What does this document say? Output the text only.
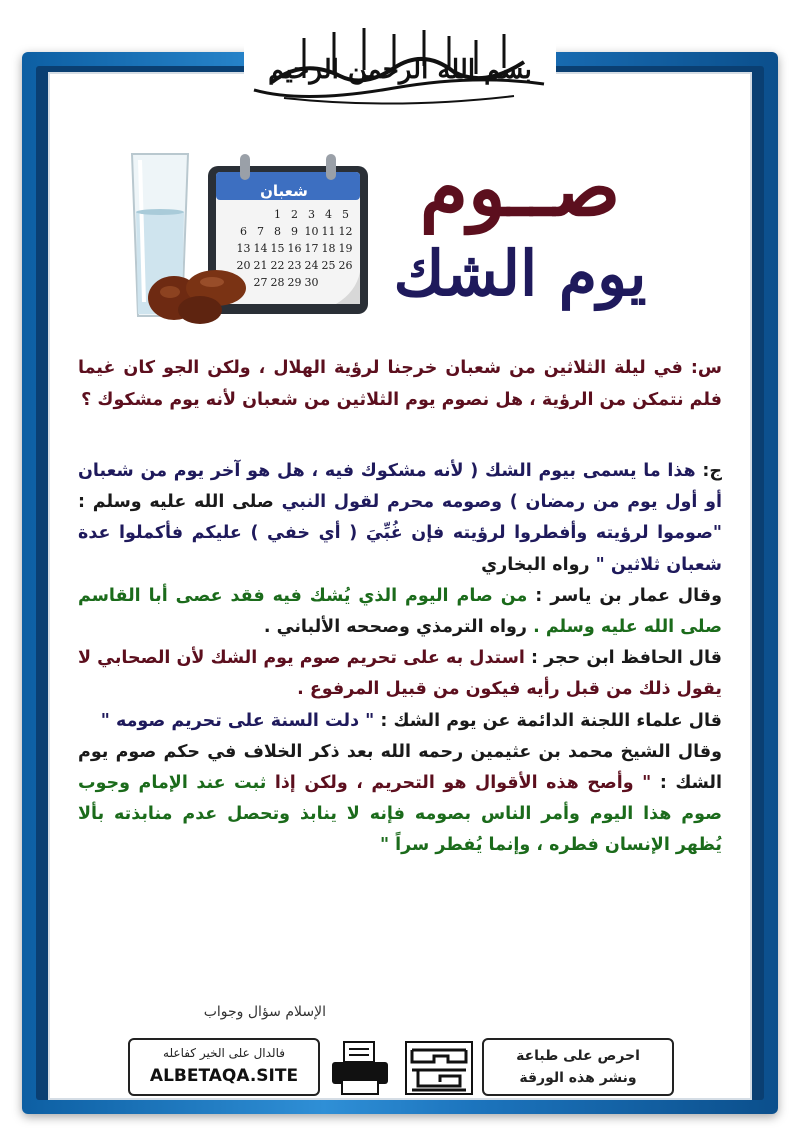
بسم الله الرحمن الرحيم
صــوم
يوم الشك
شعبان
1 2 3 4 5
6 7 8 9 10 11 12
13 14 15 16 17 18 19
20 21 22 23 24 25 26
27 28 29 30

س: في ليلة الثلاثين من شعبان خرجنا لرؤية الهلال ، ولكن الجو كان غيما فلم نتمكن من الرؤية ، هل نصوم يوم الثلاثين من شعبان لأنه يوم مشكوك ؟

ج: هذا ما يسمى بيوم الشك ( لأنه مشكوك فيه ، هل هو آخر يوم من شعبان أو أول يوم من رمضان ) وصومه محرم لقول النبي صلى الله عليه وسلم : "صوموا لرؤيته وأفطروا لرؤيته فإن غُبِّيَ ( أي خفي ) عليكم فأكملوا عدة شعبان ثلاثين " رواه البخاري

وقال عمار بن ياسر : من صام اليوم الذي يُشك فيه فقد عصى أبا القاسم صلى الله عليه وسلم . رواه الترمذي وصححه الألباني .

قال الحافظ ابن حجر : استدل به على تحريم صوم يوم الشك لأن الصحابي لا يقول ذلك من قبل رأيه فيكون من قبيل المرفوع .

قال علماء اللجنة الدائمة عن يوم الشك : " دلت السنة على تحريم صومه "

وقال الشيخ محمد بن عثيمين رحمه الله بعد ذكر الخلاف في حكم صوم يوم الشك : " وأصح هذه الأقوال هو التحريم ، ولكن إذا ثبت عند الإمام وجوب صوم هذا اليوم وأمر الناس بصومه فإنه لا ينابذ وتحصل عدم منابذته بألا يُظهر الإنسان فطره ، وإنما يُفطر سراً "

الإسلام سؤال وجواب
فالدال على الخير كفاعله
ALBETAQA.SITE
احرص على طباعة
ونشر هذه الورقة
